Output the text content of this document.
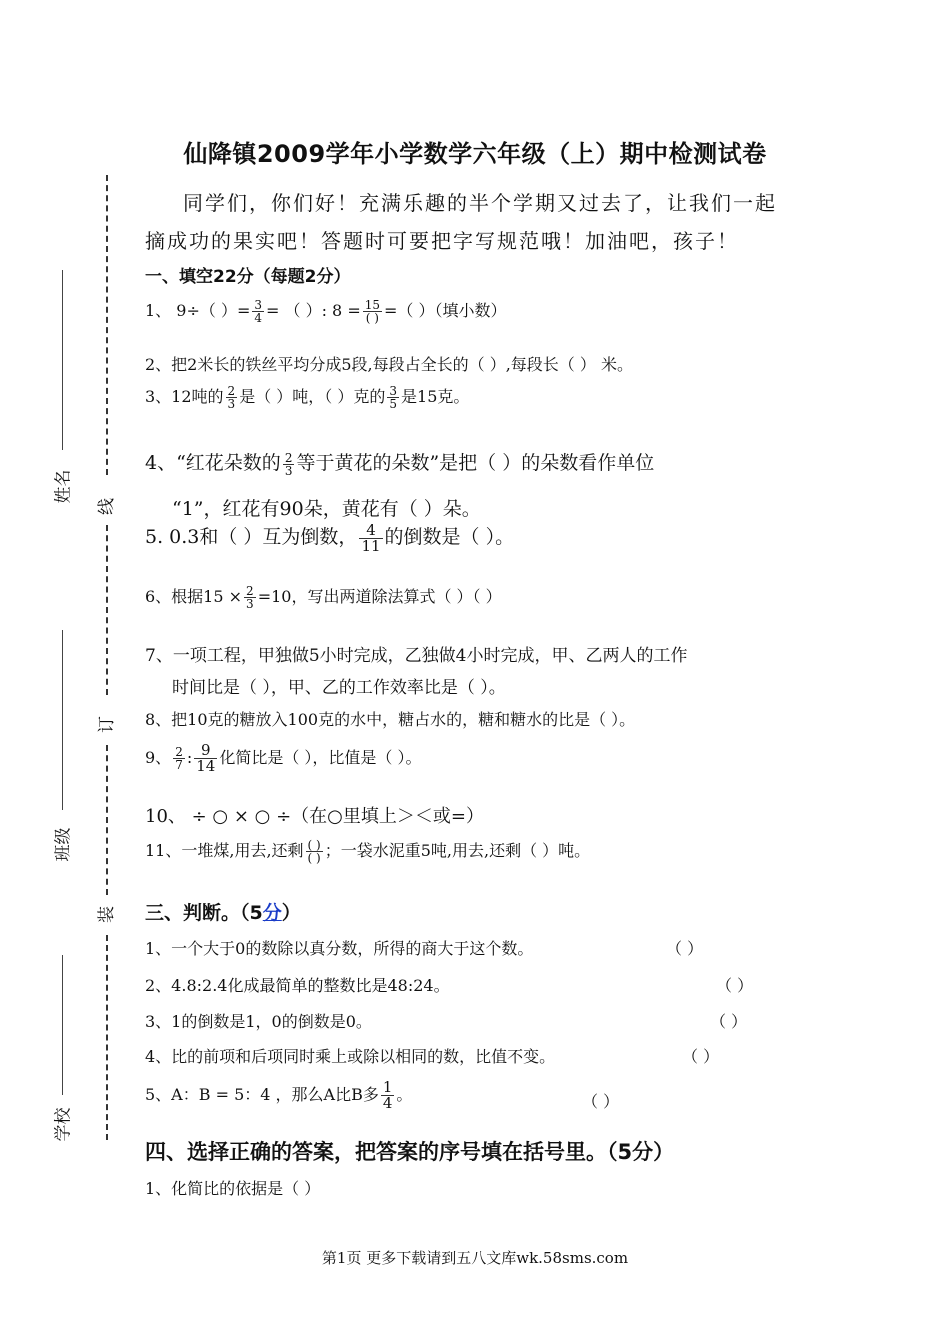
仙降镇2009学年小学数学六年级（上）期中检测试卷
同学们，你们好！充满乐趣的半个学期又过去了，让我们一起
摘成功的果实吧！答题时可要把字写规范哦！加油吧，孩子！
线
订
装
姓名
班级
学校
一、填空22分（每题2分）
1、 9÷（ ）= $\frac{3}{4}$ = （ ）: $8 = \frac{15}{( )}$ =（ ）（填小数）
2、把2米长的铁丝平均分成5段,每段占全长的（ ）,每段长（ ） 米。
3、12吨的 $\frac{2}{3}$ 是（ ）吨，（ ）克的 $\frac{3}{5}$ 是15克。
4、“红花朵数的 $\frac{2}{3}$ 等于黄花的朵数”是把（ ）的朵数看作单位
“1”，红花有90朵，黄花有（ ）朵。
5. 0.3和（ ）互为倒数， $\frac{4}{11}$ 的倒数是（ ）。
6、根据$15 \times \frac{2}{3} =10$，写出两道除法算式（ ）（ ）
7、一项工程，甲独做5小时完成，乙独做4小时完成，甲、乙两人的工作
时间比是（ ），甲、乙的工作效率比是（ ）。
8、把10克的糖放入100克的水中，糖占水的，糖和糖水的比是（ ）。
9、 $\frac{2}{7}$ : $\frac{9}{14}$ 化简比是（ ），比值是（ ）。
10、 ÷ ○ × ○ ÷（在○里填上＞＜或=）
11、一堆煤,用去,还剩 $\frac{( )}{( )}$ ；一袋水泥重5吨,用去,还剩（ ）吨。
三、判断。（5分）
1、一个大于0的数除以真分数，所得的商大于这个数。	（ ）
2、4.8:2.4化成最简单的整数比是48:24。	（ ）
3、1的倒数是1，0的倒数是0。	（ ）
4、比的前项和后项同时乘上或除以相同的数，比值不变。	（ ）
5、A：B = 5：4 ，那么A比B多 $\frac{1}{4}$ 。	（ ）
四、选择正确的答案，把答案的序号填在括号里。（5分）
1、化简比的依据是（ ）
第1页 更多下载请到五八文库wk.58sms.com
